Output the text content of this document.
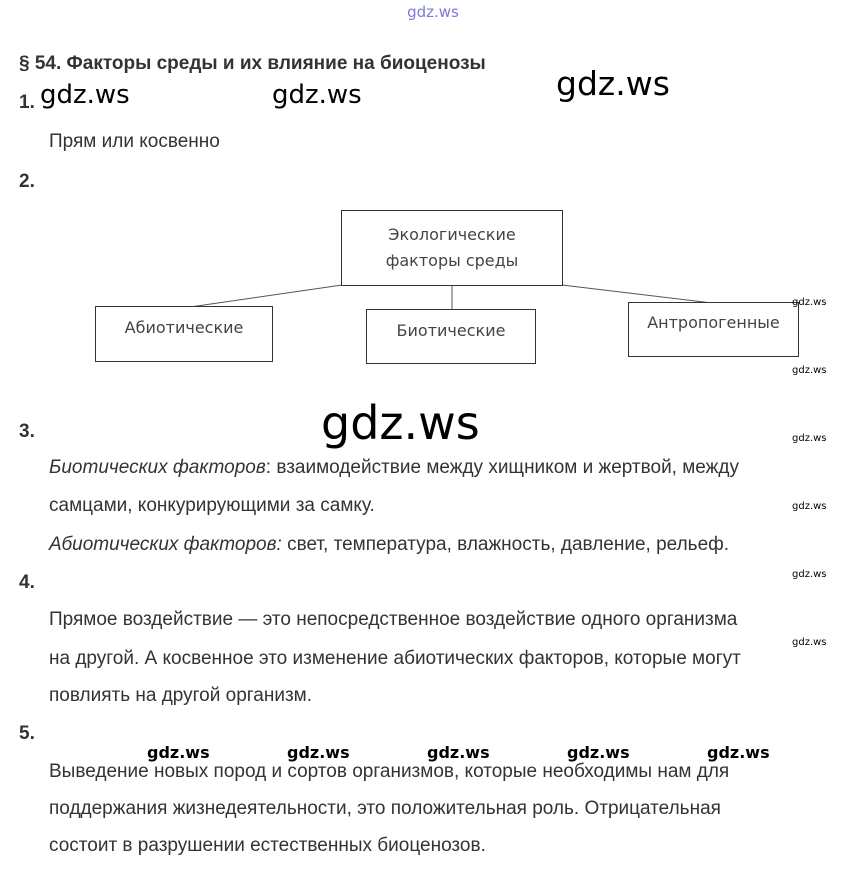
gdz.ws
§ 54. Факторы среды и их влияние на биоценозы
gdz.ws	gdz.ws	gdz.ws
1.
Прям или косвенно
2.
Экологические
факторы среды
Абиотические	Биотические	Антропогенные
gdz.ws
gdz.ws
gdz.ws
gdz.ws
gdz.ws
gdz.ws
gdz.ws
3.
Биотических факторов: взаимодействие между хищником и жертвой, между
самцами, конкурирующими за самку.
Абиотических факторов: свет, температура, влажность, давление, рельеф.
4.
Прямое воздействие — это непосредственное воздействие одного организма
на другой. А косвенное это изменение абиотических факторов, которые могут
повлиять на другой организм.
5.
gdz.ws	gdz.ws	gdz.ws	gdz.ws	gdz.ws
Выведение новых пород и сортов организмов, которые необходимы нам для
поддержания жизнедеятельности, это положительная роль. Отрицательная
состоит в разрушении естественных биоценозов.
